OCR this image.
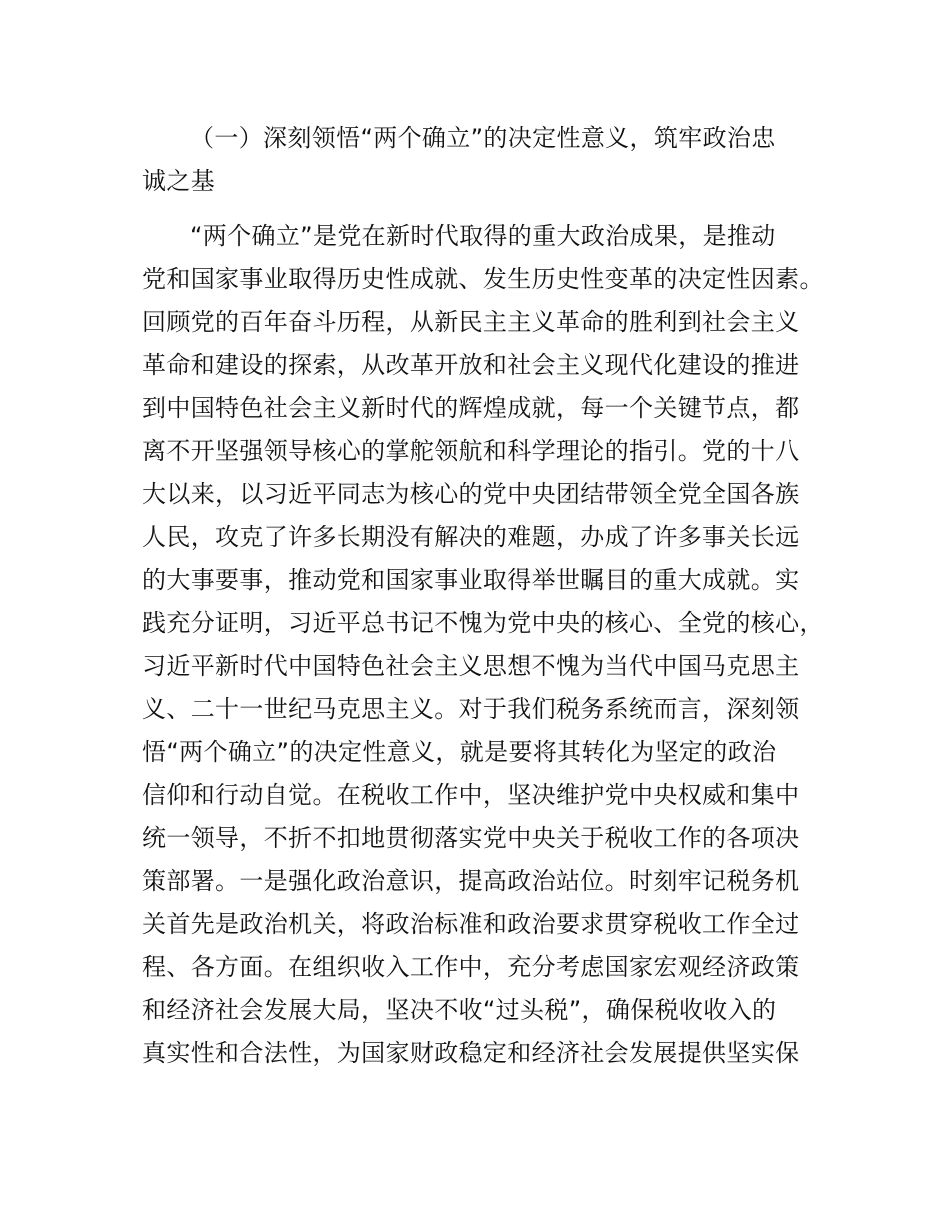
（一）深刻领悟“两个确立”的决定性意义，筑牢政治忠
诚之基
“两个确立”是党在新时代取得的重大政治成果，是推动
党和国家事业取得历史性成就、发生历史性变革的决定性因素。
回顾党的百年奋斗历程，从新民主主义革命的胜利到社会主义
革命和建设的探索，从改革开放和社会主义现代化建设的推进
到中国特色社会主义新时代的辉煌成就，每一个关键节点，都
离不开坚强领导核心的掌舵领航和科学理论的指引。党的十八
大以来，以习近平同志为核心的党中央团结带领全党全国各族
人民，攻克了许多长期没有解决的难题，办成了许多事关长远
的大事要事，推动党和国家事业取得举世瞩目的重大成就。实
践充分证明，习近平总书记不愧为党中央的核心、全党的核心，
习近平新时代中国特色社会主义思想不愧为当代中国马克思主
义、二十一世纪马克思主义。对于我们税务系统而言，深刻领
悟“两个确立”的决定性意义，就是要将其转化为坚定的政治
信仰和行动自觉。在税收工作中，坚决维护党中央权威和集中
统一领导，不折不扣地贯彻落实党中央关于税收工作的各项决
策部署。一是强化政治意识，提高政治站位。时刻牢记税务机
关首先是政治机关，将政治标准和政治要求贯穿税收工作全过
程、各方面。在组织收入工作中，充分考虑国家宏观经济政策
和经济社会发展大局，坚决不收“过头税”，确保税收收入的
真实性和合法性，为国家财政稳定和经济社会发展提供坚实保
